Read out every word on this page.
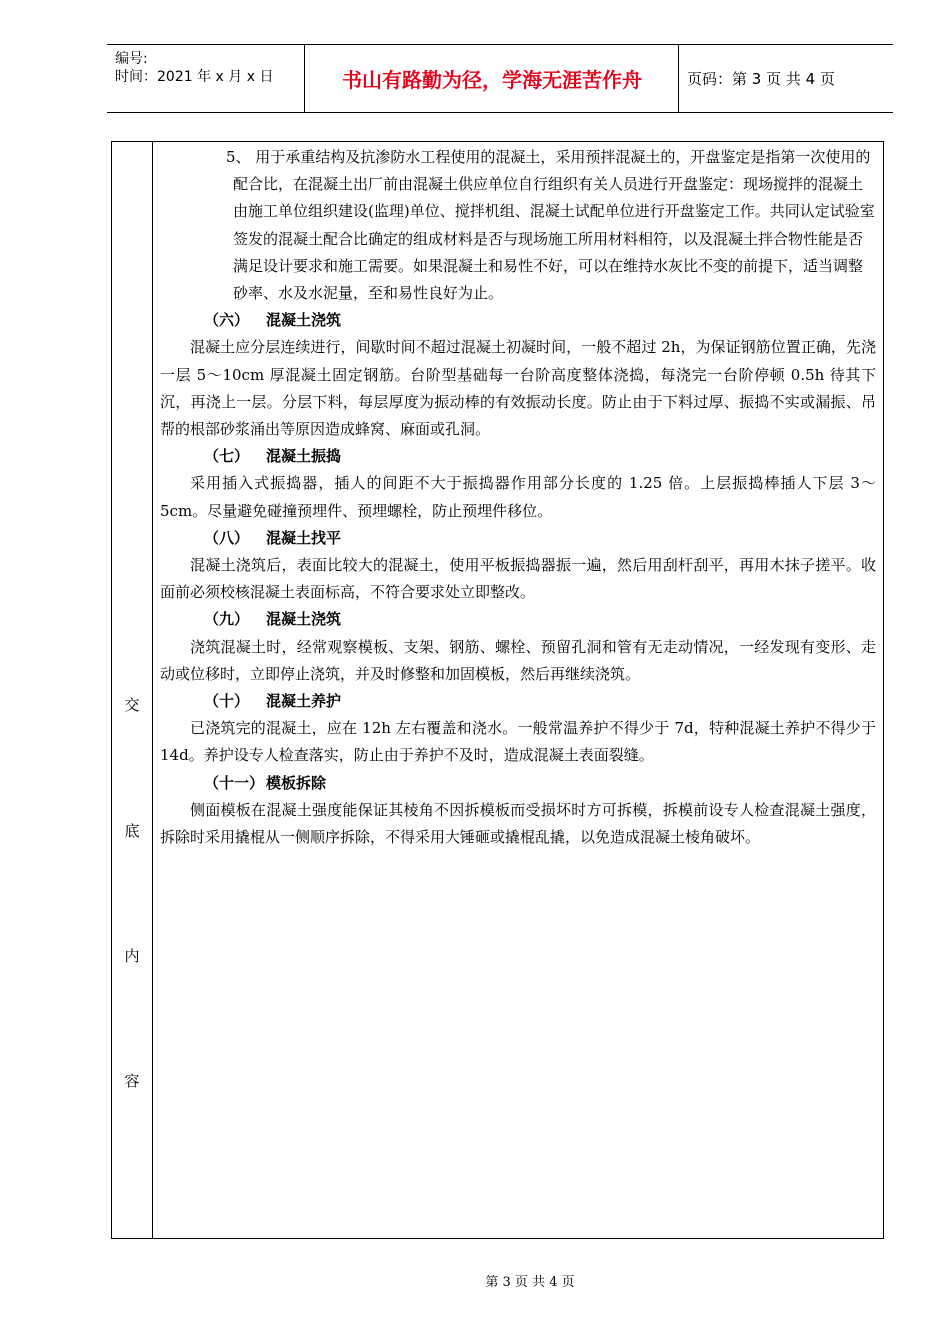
编号:
时间：2021 年 x 月 x 日	书山有路勤为径，学海无涯苦作舟	页码：第 3 页 共 4 页
交
底
内
容
5、 用于承重结构及抗渗防水工程使用的混凝土，采用预拌混凝土的，开盘鉴定是指第一次使用的配合比，在混凝土出厂前由混凝土供应单位自行组织有关人员进行开盘鉴定：现场搅拌的混凝土由施工单位组织建设(监理)单位、搅拌机组、混凝土试配单位进行开盘鉴定工作。共同认定试验室签发的混凝土配合比确定的组成材料是否与现场施工所用材料相符，以及混凝土拌合物性能是否满足设计要求和施工需要。如果混凝土和易性不好，可以在维持水灰比不变的前提下，适当调整砂率、水及水泥量，至和易性良好为止。
（六） 混凝土浇筑
混凝土应分层连续进行，间歇时间不超过混凝土初凝时间，一般不超过 2h，为保证钢筋位置正确，先浇一层 5～10cm 厚混凝土固定钢筋。台阶型基础每一台阶高度整体浇捣，每浇完一台阶停顿 0.5h 待其下沉，再浇上一层。分层下料，每层厚度为振动棒的有效振动长度。防止由于下料过厚、振捣不实或漏振、吊帮的根部砂浆涌出等原因造成蜂窝、麻面或孔洞。
（七） 混凝土振捣
采用插入式振捣器，插人的间距不大于振捣器作用部分长度的 1.25 倍。上层振捣棒插人下层 3～5cm。尽量避免碰撞预埋件、预埋螺栓，防止预埋件移位。
（八） 混凝土找平
混凝土浇筑后，表面比较大的混凝土，使用平板振捣器振一遍，然后用刮杆刮平，再用木抹子搓平。收面前必须校核混凝土表面标高，不符合要求处立即整改。
（九） 混凝土浇筑
浇筑混凝土时，经常观察模板、支架、钢筋、螺栓、预留孔洞和管有无走动情况，一经发现有变形、走动或位移时，立即停止浇筑，并及时修整和加固模板，然后再继续浇筑。
（十） 混凝土养护
已浇筑完的混凝土，应在 12h 左右覆盖和浇水。一般常温养护不得少于 7d，特种混凝土养护不得少于 14d。养护设专人检查落实，防止由于养护不及时，造成混凝土表面裂缝。
（十一） 模板拆除
侧面模板在混凝土强度能保证其棱角不因拆模板而受损坏时方可拆模，拆模前设专人检查混凝土强度，拆除时采用撬棍从一侧顺序拆除，不得采用大锤砸或撬棍乱撬，以免造成混凝土棱角破坏。
第 3 页 共 4 页
